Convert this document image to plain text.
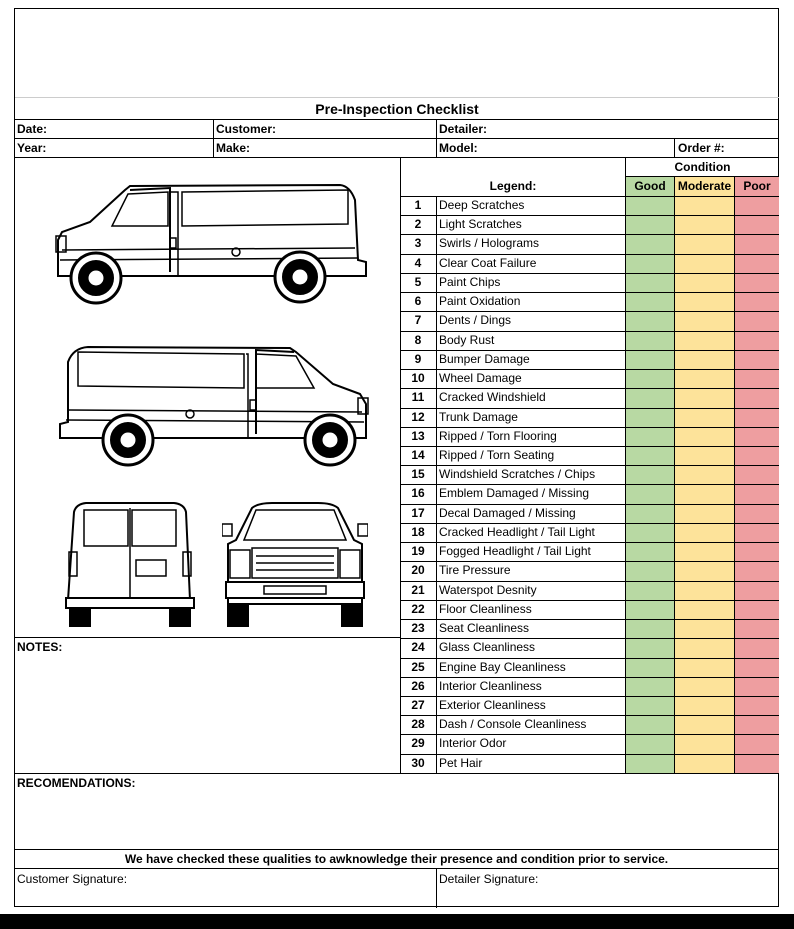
Pre-Inspection Checklist
Date:	Customer:	Detailer:
Year:	Make:	Model:	Order #:
Condition
Legend:	Good	Moderate	Poor
1	Deep Scratches
2	Light Scratches
3	Swirls / Holograms
4	Clear Coat Failure
5	Paint Chips
6	Paint Oxidation
7	Dents / Dings
8	Body Rust
9	Bumper Damage
10	Wheel Damage
11	Cracked Windshield
12	Trunk Damage
13	Ripped / Torn Flooring
14	Ripped / Torn Seating
15	Windshield Scratches / Chips
16	Emblem Damaged / Missing
17	Decal Damaged / Missing
18	Cracked Headlight / Tail Light
19	Fogged Headlight / Tail Light
20	Tire Pressure
21	Waterspot Desnity
22	Floor Cleanliness
23	Seat Cleanliness
24	Glass Cleanliness
25	Engine Bay Cleanliness
26	Interior Cleanliness
27	Exterior Cleanliness
28	Dash / Console Cleanliness
29	Interior Odor
30	Pet Hair
NOTES:
RECOMENDATIONS:
We have checked these qualities to awknowledge their presence and condition prior to service.
Customer Signature:	Detailer Signature:
